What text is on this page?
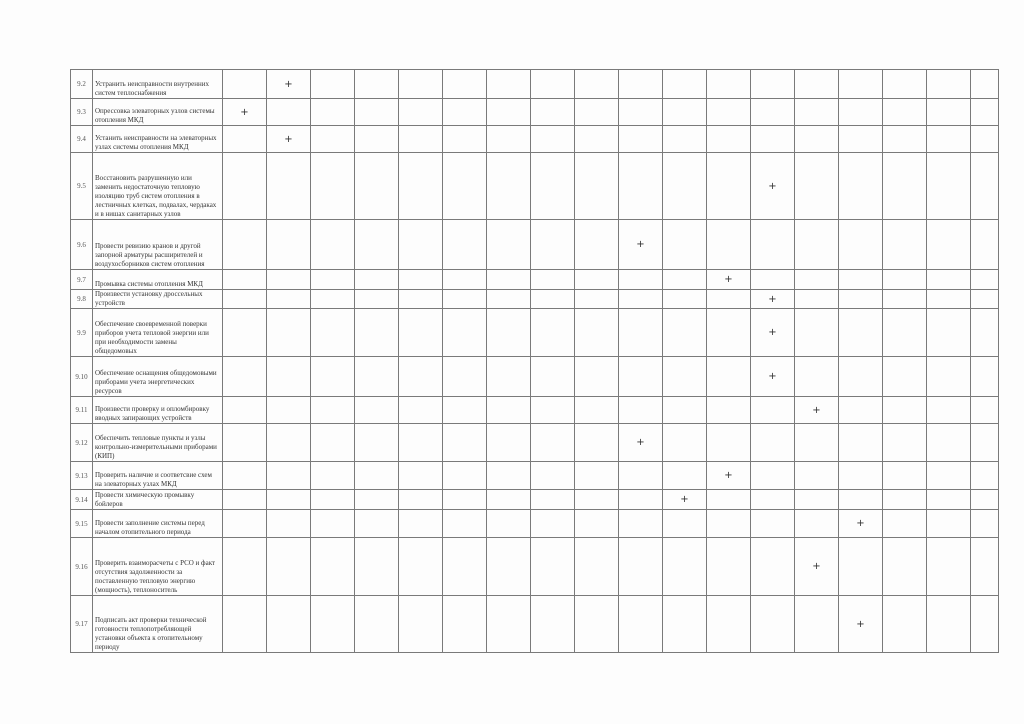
9.2	Устранить неисправности внутренних систем теплоснабжения		+																
9.3	Опрессовка элеваторных узлов системы отопления МКД	+																	
9.4	Устанить неисправности на элеваторных узлах системы отопления МКД		+																
9.5	Восстановить разрушенную или заменить недостаточную тепловую изоляцию труб систем отопления в лестничных клетках, подвалах, чердаках и в нишах санитарных узлов													+					
9.6	Провести ревизию кранов и другой запорной арматуры расширителей и воздухосборников систем отопления										+								
9.7	Промывка системы отопления МКД												+						
9.8	Произвести установку дроссельных устройств													+					
9.9	Обеспечение своевременной поверки приборов учета тепловой энергии или при необходимости замены общедомовых													+					
9.10	Обеспечение оснащения общедомовыми приборами учета энергетических ресурсов													+					
9.11	Произвести проверку и опломбировку вводных запирающих устройств														+				
9.12	Обеспечить тепловые пункты и узлы контрольно-измерительными приборами (КИП)										+								
9.13	Проверить наличие и соответсвие схем на элеваторных узлах МКД												+						
9.14	Провести химическую промывку бойлеров											+							
9.15	Провести заполнение системы перед началом отопительного периода															+			
9.16	Проверить взаиморасчеты с РСО и факт отсутствия задолженности за поставленную тепловую энергию (мощность), теплоноситель														+				
9.17	Подписать акт проверки технической готовности теплопотребляющей установки объекта к отопительному периоду															+			
